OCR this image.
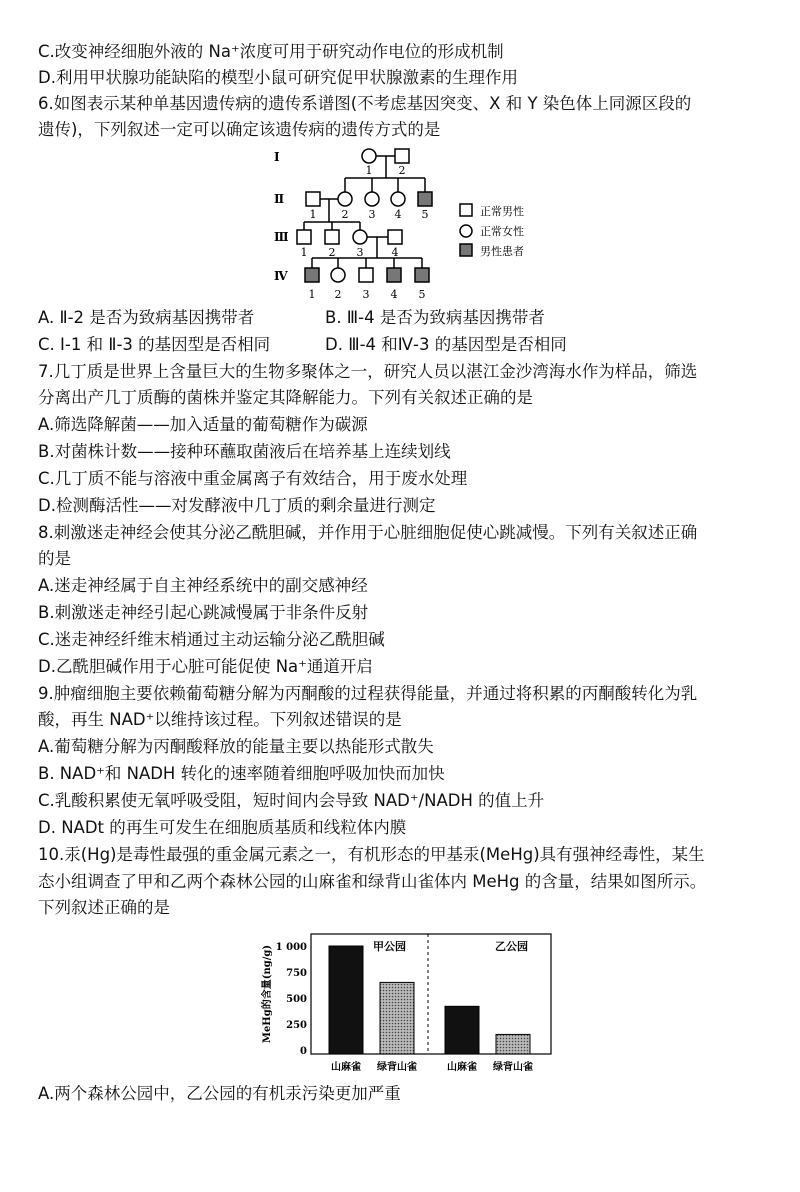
C.改变神经细胞外液的 Na⁺浓度可用于研究动作电位的形成机制
D.利用甲状腺功能缺陷的模型小鼠可研究促甲状腺激素的生理作用
6.如图表示某种单基因遗传病的遗传系谱图(不考虑基因突变、X 和 Y 染色体上同源区段的
遗传)，下列叙述一定可以确定该遗传病的遗传方式的是
Ⅰ
Ⅱ
Ⅲ
Ⅳ
1 2
1 2 3 4 5
1 2 3	4
1 2 3 4 5
正常男性
正常女性
男性患者
A. Ⅱ-2 是否为致病基因携带者	B. Ⅲ-4 是否为致病基因携带者
C. Ⅰ-1 和 Ⅱ-3 的基因型是否相同	D. Ⅲ-4 和Ⅳ-3 的基因型是否相同
7.几丁质是世界上含量巨大的生物多聚体之一，研究人员以湛江金沙湾海水作为样品，筛选
分离出产几丁质酶的菌株并鉴定其降解能力。下列有关叙述正确的是
A.筛选降解菌——加入适量的葡萄糖作为碳源
B.对菌株计数——接种环蘸取菌液后在培养基上连续划线
C.几丁质不能与溶液中重金属离子有效结合，用于废水处理
D.检测酶活性——对发酵液中几丁质的剩余量进行测定
8.刺激迷走神经会使其分泌乙酰胆碱，并作用于心脏细胞促使心跳减慢。下列有关叙述正确
的是
A.迷走神经属于自主神经系统中的副交感神经
B.刺激迷走神经引起心跳减慢属于非条件反射
C.迷走神经纤维末梢通过主动运输分泌乙酰胆碱
D.乙酰胆碱作用于心脏可能促使 Na⁺通道开启
9.肿瘤细胞主要依赖葡萄糖分解为丙酮酸的过程获得能量，并通过将积累的丙酮酸转化为乳
酸，再生 NAD⁺以维持该过程。下列叙述错误的是
A.葡萄糖分解为丙酮酸释放的能量主要以热能形式散失
B. NAD⁺和 NADH 转化的速率随着细胞呼吸加快而加快
C.乳酸积累使无氧呼吸受阻，短时间内会导致 NAD⁺/NADH 的值上升
D. NADt 的再生可发生在细胞质基质和线粒体内膜
10.汞(Hg)是毒性最强的重金属元素之一，有机形态的甲基汞(MeHg)具有强神经毒性，某生
态小组调查了甲和乙两个森林公园的山麻雀和绿背山雀体内 MeHg 的含量，结果如图所示。
下列叙述正确的是
MeHg的含量(ng/g) 1 000
750
500
250
0
甲公园	乙公园
山麻雀 绿背山雀	山麻雀 绿背山雀
A.两个森林公园中，乙公园的有机汞污染更加严重
